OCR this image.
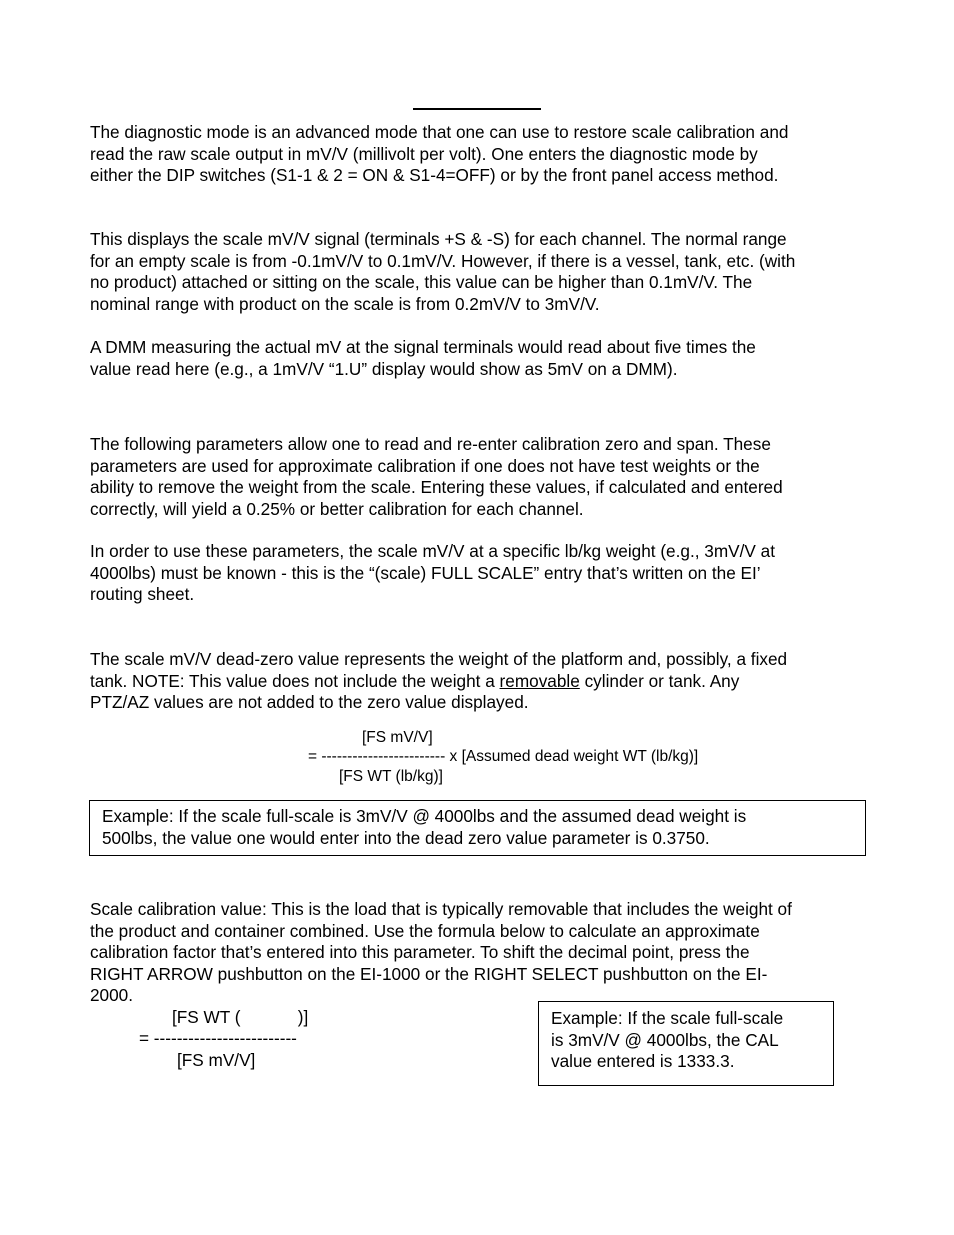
The diagnostic mode is an advanced mode that one can use to restore scale calibration and
read the raw scale output in mV/V (millivolt per volt). One enters the diagnostic mode by
either the DIP switches (S1-1 & 2 = ON & S1-4=OFF) or by the front panel access method.

This displays the scale mV/V signal (terminals +S & -S) for each channel. The normal range
for an empty scale is from -0.1mV/V to 0.1mV/V. However, if there is a vessel, tank, etc. (with
no product) attached or sitting on the scale, this value can be higher than 0.1mV/V. The
nominal range with product on the scale is from 0.2mV/V to 3mV/V.

A DMM measuring the actual mV at the signal terminals would read about five times the
value read here (e.g., a 1mV/V “1.U” display would show as 5mV on a DMM).

The following parameters allow one to read and re-enter calibration zero and span. These
parameters are used for approximate calibration if one does not have test weights or the
ability to remove the weight from the scale. Entering these values, if calculated and entered
correctly, will yield a 0.25% or better calibration for each channel.

In order to use these parameters, the scale mV/V at a specific lb/kg weight (e.g., 3mV/V at
4000lbs) must be known - this is the “(scale) FULL SCALE” entry that’s written on the EI’
routing sheet.

The scale mV/V dead-zero value represents the weight of the platform and, possibly, a fixed
tank. NOTE: This value does not include the weight a removable cylinder or tank. Any
PTZ/AZ values are not added to the zero value displayed.

[FS mV/V]
= ------------------------ x [Assumed dead weight WT (lb/kg)]
[FS WT (lb/kg)]
Example: If the scale full-scale is 3mV/V @ 4000lbs and the assumed dead weight is
500lbs, the value one would enter into the dead zero value parameter is 0.3750.

Scale calibration value: This is the load that is typically removable that includes the weight of
the product and container combined. Use the formula below to calculate an approximate
calibration factor that’s entered into this parameter. To shift the decimal point, press the
RIGHT ARROW pushbutton on the EI-1000 or the RIGHT SELECT pushbutton on the EI-
2000.

[FS WT (            )]
= -------------------------
[FS mV/V]
Example: If the scale full-scale
is 3mV/V @ 4000lbs, the CAL
value entered is 1333.3.
